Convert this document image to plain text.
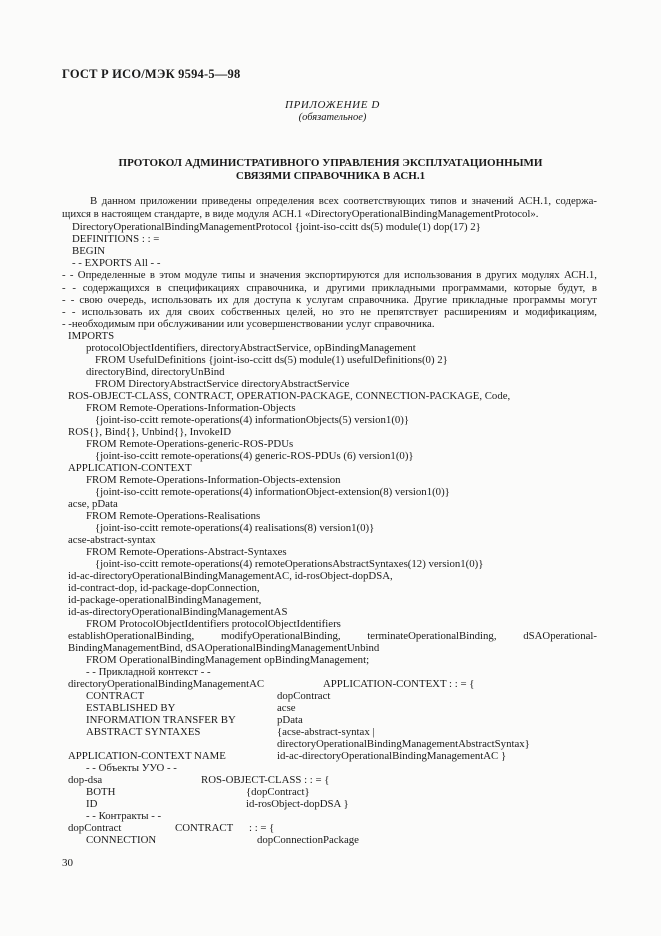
ГОСТ Р ИСО/МЭК 9594-5—98
ПРИЛОЖЕНИЕ D
(обязательное)
ПРОТОКОЛ АДМИНИСТРАТИВНОГО УПРАВЛЕНИЯ ЭКСПЛУАТАЦИОННЫМИ
СВЯЗЯМИ СПРАВОЧНИКА В АСН.1
В данном приложении приведены определения всех соответствующих типов и значений АСН.1, содержа-
щихся в настоящем стандарте, в виде модуля АСН.1 «DirectoryOperationalBindingManagementProtocol».
DirectoryOperationalBindingManagementProtocol {joint-iso-ccitt ds(5) module(1) dop(17) 2}
DEFINITIONS : : =
BEGIN
- - EXPORTS All - -
- - Определенные в этом модуле типы и значения экспортируются для использования в других модулях АСН.1,
- - содержащихся в спецификациях справочника, и другими прикладными программами, которые будут, в
- - свою очередь, использовать их для доступа к услугам справочника. Другие прикладные программы могут
- - использовать их для своих собственных целей, но это не препятствует расширениям и модификациям,
- -необходимым при обслуживании или усовершенствовании услуг справочника.
IMPORTS
protocolObjectIdentifiers, directoryAbstractService, opBindingManagement
FROM UsefulDefinitions {joint-iso-ccitt ds(5) module(1) usefulDefinitions(0) 2}
directoryBind, directoryUnBind
FROM DirectoryAbstractService directoryAbstractService
ROS-OBJECT-CLASS, CONTRACT, OPERATION-PACKAGE, CONNECTION-PACKAGE, Code,
FROM Remote-Operations-Information-Objects
{joint-iso-ccitt remote-operations(4) informationObjects(5) version1(0)}
ROS{}, Bind{}, Unbind{}, InvokeID
FROM Remote-Operations-generic-ROS-PDUs
{joint-iso-ccitt remote-operations(4) generic-ROS-PDUs (6) version1(0)}
APPLICATION-CONTEXT
FROM Remote-Operations-Information-Objects-extension
{joint-iso-ccitt remote-operations(4) informationObject-extension(8) version1(0)}
acse, pData
FROM Remote-Operations-Realisations
{joint-iso-ccitt remote-operations(4) realisations(8) version1(0)}
acse-abstract-syntax
FROM Remote-Operations-Abstract-Syntaxes
{joint-iso-ccitt remote-operations(4) remoteOperationsAbstractSyntaxes(12) version1(0)}
id-ac-directoryOperationalBindingManagementAC, id-rosObject-dopDSA,
id-contract-dop, id-package-dopConnection,
id-package-operationalBindingManagement,
id-as-directoryOperationalBindingManagementAS
FROM ProtocolObjectIdentifiers protocolObjectIdentifiers
establishOperationalBinding, modifyOperationalBinding, terminateOperationalBinding, dSAOperational-
BindingManagementBind, dSAOperationalBindingManagementUnbind
FROM OperationalBindingManagement opBindingManagement;
- - Прикладной контекст - -
directoryOperationalBindingManagementAC	APPLICATION-CONTEXT : : = {
CONTRACT	dopContract
ESTABLISHED BY	acse
INFORMATION TRANSFER BY	pData
ABSTRACT SYNTAXES	{acse-abstract-syntax |
directoryOperationalBindingManagementAbstractSyntax}
APPLICATION-CONTEXT NAME	id-ac-directoryOperationalBindingManagementAC }
- - Объекты УУО - -
dop-dsa	ROS-OBJECT-CLASS : : = {
BOTH	{dopContract}
ID	id-rosObject-dopDSA }
- - Контракты - -
dopContract	CONTRACT : : = {
CONNECTION	dopConnectionPackage
30
